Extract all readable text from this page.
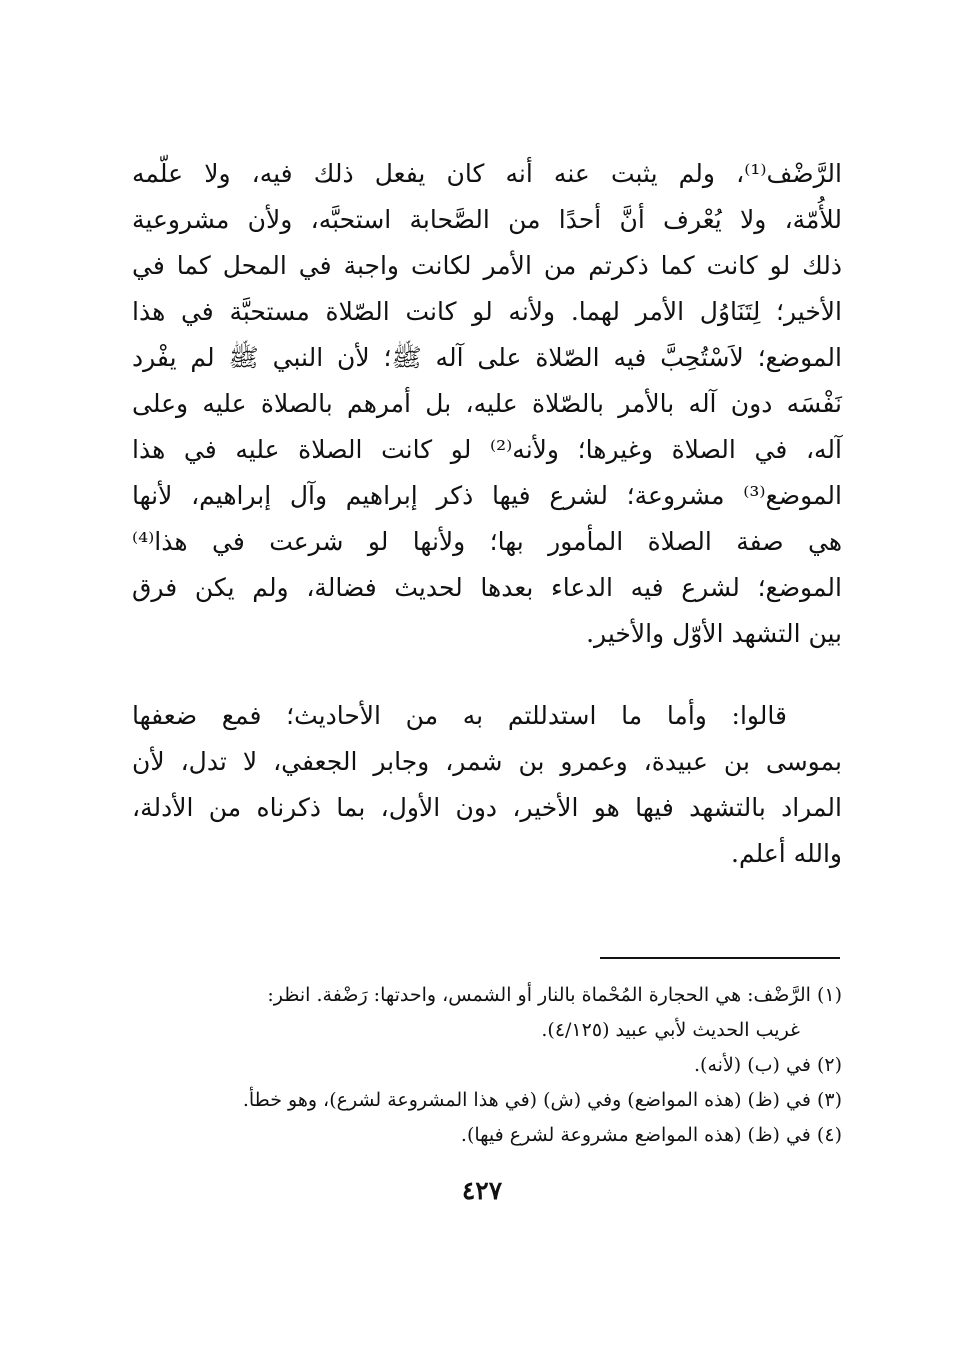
الرَّضْف⁽¹⁾، ولم يثبت عنه أنه كان يفعل ذلك فيه، ولا علّمه
للأُمّة، ولا يُعْرف أنَّ أحدًا من الصَّحابة استحبَّه، ولأن مشروعية
ذلك لو كانت كما ذكرتم من الأمر لكانت واجبة في المحل كما في
الأخير؛ لِتَنَاوُل الأمر لهما. ولأنه لو كانت الصّلاة مستحبَّة في هذا
الموضع؛ لاَسْتُحِبَّ فيه الصّلاة على آله ﷺ؛ لأن النبي ﷺ لم يفْرد
نَفْسَه دون آله بالأمر بالصّلاة عليه، بل أمرهم بالصلاة عليه وعلى
آله، في الصلاة وغيرها؛ ولأنه⁽²⁾ لو كانت الصلاة عليه في هذا
الموضع⁽³⁾ مشروعة؛ لشرع فيها ذكر إبراهيم وآل إبراهيم، لأنها
هي صفة الصلاة المأمور بها؛ ولأنها لو شرعت في هذا⁽⁴⁾
الموضع؛ لشرع فيه الدعاء بعدها لحديث فضالة، ولم يكن فرق
بين التشهد الأوّل والأخير.
قالوا: وأما ما استدللتم به من الأحاديث؛ فمع ضعفها
بموسى بن عبيدة، وعمرو بن شمر، وجابر الجعفي، لا تدل، لأن
المراد بالتشهد فيها هو الأخير، دون الأول، بما ذكرناه من الأدلة،
والله أعلم.
(١) الرَّضْف: هي الحجارة المُحْماة بالنار أو الشمس، واحدتها: رَضْفة. انظر:
غريب الحديث لأبي عبيد (٤/١٢٥).
(٢) في (ب) (لأنه).
(٣) في (ظ) (هذه المواضع) وفي (ش) (في هذا المشروعة لشرع)، وهو خطأ.
(٤) في (ظ) (هذه المواضع مشروعة لشرع فيها).
٤٢٧
